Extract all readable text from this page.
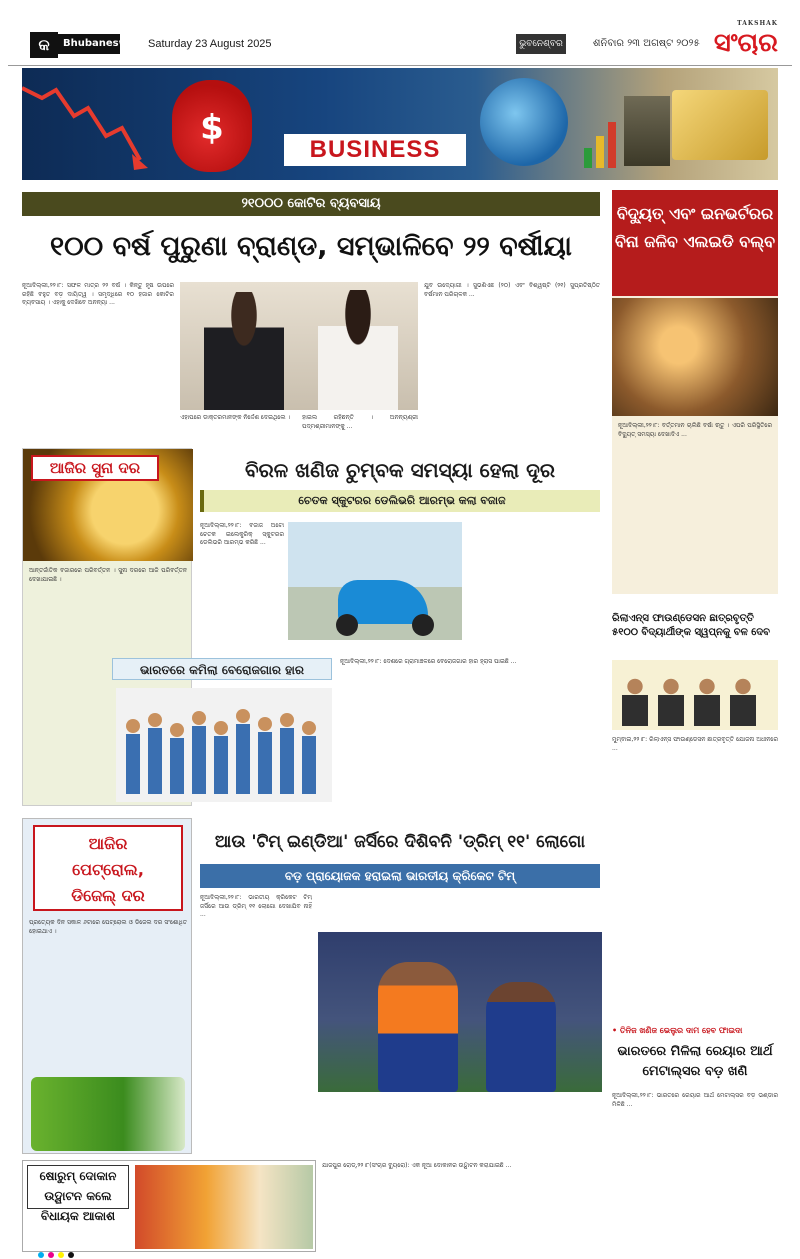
କ	Bhubaneswar Saturday 23 August 2025	ଭୁବନେଶ୍ବର	ଶନିବାର ୨୩ ଅଗଷ୍ଟ ୨୦୨୫
TAKSHAK
ସଂଚାର
$
BUSINESS
୨୧୦୦୦ କୋଟିର ବ୍ୟବସାୟ
୧୦୦ ବର୍ଷ ପୁରୁଣା ବ୍ରାଣ୍ଡ, ସମ୍ଭାଳିବେ ୨୨ ବର୍ଷୀୟା
ନୂଆଦିଲ୍ଲୀ,୨୨।୮: ସଫଳ ମାତ୍ର ୨୨ ବର୍ଷ । କିନ୍ତୁ ହୃଷ ଉପରେ ରହିଛି ବହୁତ ବଡ଼ ଦାୟିତ୍ୱ । ସମୃଦ୍ଧିରେ ୧୦ ହଜାର କୋଟିର ବ୍ୟବସାୟ । ଏହାକୁ ଦେଖିବେ ଅନନ୍ୟା ...
ଏହାପରେ ଡାକ୍ତରମାନଙ୍କ ନିର୍ଦ୍ଦେଶ ଦେଇଥିଲେ ।	ହାଇଲ ରହିଛନ୍ତି । ଅନନ୍ୟଶ୍ରୀ ପଦ୍ମଶ୍ରୀମାନଙ୍କୁ ...
ଯୁବ ଉଦ୍ୟୋଗୀ । ସୁଭଶିଏଛ (୨୦) ଏବଂ ବିଶ୍ୱଷ୍ଟି (୨୧) ସୁପ୍ରତିଷ୍ଠିତ ବର୍ଷମାନ ପରିଚାଳକ ...
ଆଜିର ସୁନା ଦର
ଆନ୍ତର୍ଜାତିକ ବଜାରରେ ପରିବର୍ତ୍ତନ । ସୁନା ଦରରେ ଆଜି ପରିବର୍ତ୍ତନ ଦେଖାଯାଇଛି ।
ବିରଳ ଖଣିଜ ଚୁମ୍ବକ ସମସ୍ୟା ହେଲା ଦୂର
ଚେତକ ସ୍କୁଟରର ଡେଲିଭରି ଆରମ୍ଭ କଲା ବଜାଜ
ନୂଆଦିଲ୍ଲୀ,୨୨।୮: ବଜାଜ ଅଟୋ ଚେତକ ଇଲେକ୍ଟ୍ରିକ୍ ସ୍କୁଟରର ଡେଲିଭରି ଆରମ୍ଭ କରିଛି ...
ଭାରତରେ କମିଲା ବେରୋଜଗାର ହାର
ନୂଆଦିଲ୍ଲୀ,୨୨।୮: ଦେଶରେ ଗ୍ରାମାଞ୍ଚଳରେ ବେରୋଜଗାର ହାର ହ୍ରାସ ପାଇଛି ...
ଆଜିର
ପେଟ୍ରୋଲ,
ଡିଜେଲ୍ ଦର
ପ୍ରତ୍ୟେକ ଦିନ ସକାଳ ୬ଟାରେ ପେଟ୍ରୋଲ ଓ ଡିଜେଲ ଦର ସଂଶୋଧିତ ହୋଇଥାଏ ।
ଆଉ 'ଟିମ୍ ଇଣ୍ଡିଆ' ଜର୍ସିରେ ଦିଶିବନି 'ଡ୍ରିମ୍ ୧୧' ଲୋଗୋ
ବଡ଼ ପ୍ରାୟୋଜକ ହରାଇଲା ଭାରତୀୟ କ୍ରିକେଟ ଟିମ୍
ନୂଆଦିଲ୍ଲୀ,୨୨।୮: ଭାରତୀୟ କ୍ରିକେଟ ଟିମ୍ ଜର୍ସିରେ ଆଉ ଡ୍ରିମ୍ ୧୧ ଲୋଗୋ ଦେଖାଯିବ ନାହିଁ ...
ଷୋରୁମ୍ ଦୋକାନ ଉଦ୍ଘାଟନ କଲେ ବିଧାୟକ ଆକାଶ
ଯାଜପୁର ରୋଡ୍,୨୨।୮(ସଂଚାର ବ୍ୟୁରୋ): ଏକ ନୂଆ ଦୋକାନର ଉଦ୍ଘାଟନ କରାଯାଇଛି ...
ବିଦ୍ୟୁତ୍ ଏବଂ ଇନଭର୍ଟରର ବିନା ଜଳିବ ଏଲଇଡି ବଲ୍ବ
ନୂଆଦିଲ୍ଲୀ,୨୨।୮: ବର୍ତ୍ତମାନ ଚାଲିଛି ବର୍ଷା ଋତୁ । ଏପରି ପରିସ୍ଥିତିରେ ବିଦ୍ୟୁତ୍ ସମସ୍ୟା ଦେଖାଦିଏ ...
ରିଲାଏନ୍ସ ଫାଉଣ୍ଡେସନ ଛାତ୍ରବୃତ୍ତି ୫୧୦୦ ବିଦ୍ୟାର୍ଥୀଙ୍କ ସ୍ୱପ୍ନକୁ ବଳ ଦେବ
ମୁମ୍ବାଇ,୨୨।୮: ରିଲାଏନ୍ସ ଫାଉଣ୍ଡେସନ ଛାତ୍ରବୃତ୍ତି ଯୋଜନା ଅଧୀନରେ ...
• ତିନିଜ ଖଣିଜ ଭେଲୁର ଦାମ ହେବ ଫାଇଦା
ଭାରତରେ ମିଳିଲା ରେୟାର ଆର୍ଥ ମେଟାଲ୍ସର ବଡ଼ ଖଣି
ନୂଆଦିଲ୍ଲୀ,୨୨।୮: ଭାରତରେ ରେୟାର ଆର୍ଥ ମେଟାଲ୍ସର ବଡ଼ ଭଣ୍ଡାର ମିଳିଛି ...
